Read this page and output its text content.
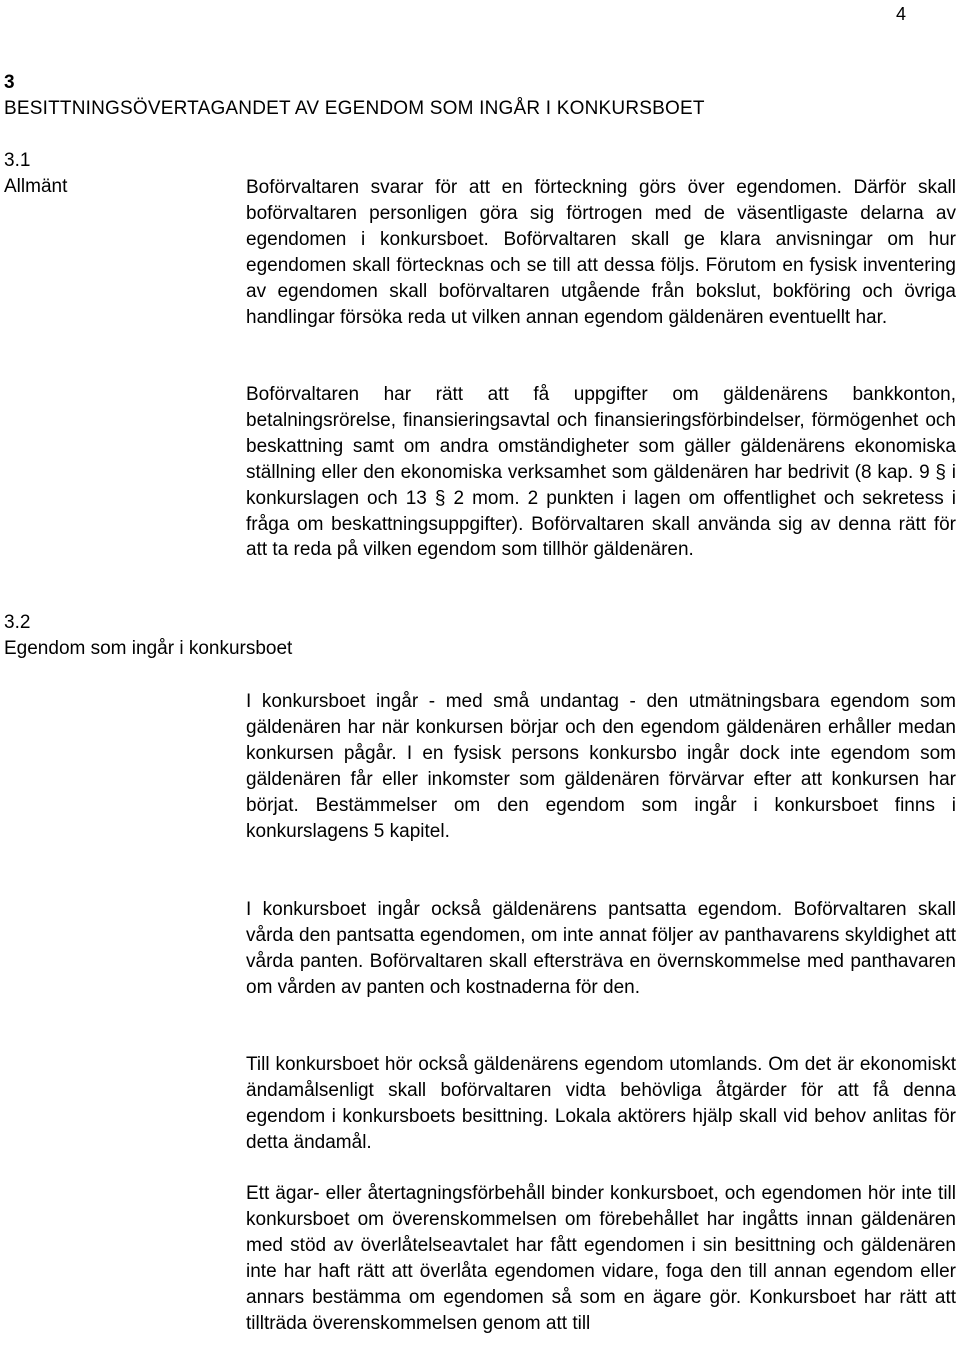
4
3
BESITTNINGSÖVERTAGANDET AV EGENDOM SOM INGÅR I KONKURSBOET
3.1
Allmänt
3.2
Egendom som ingår i konkursboet

Boförvaltaren svarar för att en förteckning görs över egendomen. Därför skall boförvaltaren personligen göra sig förtrogen med de väsentligaste delarna av egendomen i konkursboet. Boförvaltaren skall ge klara anvisningar om hur egendomen skall förtecknas och se till att dessa följs. Förutom en fysisk inventering av egendomen skall boförvaltaren utgående från bokslut, bokföring och övriga handlingar försöka reda ut vilken annan egendom gäldenären eventuellt har.

Boförvaltaren har rätt att få uppgifter om gäldenärens bankkonton, betalningsrörelse, finansieringsavtal och finansieringsförbindelser, förmögenhet och beskattning samt om andra omständigheter som gäller gäldenärens ekonomiska ställning eller den ekonomiska verksamhet som gäldenären har bedrivit (8 kap. 9 § i konkurslagen och 13 § 2 mom. 2 punkten i lagen om offentlighet och sekretess i fråga om beskattningsuppgifter). Boförvaltaren skall använda sig av denna rätt för att ta reda på vilken egendom som tillhör gäldenären.

I konkursboet ingår - med små undantag - den utmätningsbara egendom som gäldenären har när konkursen börjar och den egendom gäldenären erhåller medan konkursen pågår. I en fysisk persons konkursbo ingår dock inte egendom som gäldenären får eller inkomster som gäldenären förvärvar efter att konkursen har börjat. Bestämmelser om den egendom som ingår i konkursboet finns i konkurslagens 5 kapitel.

I konkursboet ingår också gäldenärens pantsatta egendom. Boförvaltaren skall vårda den pantsatta egendomen, om inte annat följer av panthavarens skyldighet att vårda panten. Boförvaltaren skall eftersträva en övernskommelse med panthavaren om vården av panten och kostnaderna för den.

Till konkursboet hör också gäldenärens egendom utomlands. Om det är ekonomiskt ändamålsenligt skall boförvaltaren vidta behövliga åtgärder för att få denna egendom i konkursboets besittning. Lokala aktörers hjälp skall vid behov anlitas för detta ändamål.

Ett ägar- eller återtagningsförbehåll binder konkursboet, och egendomen hör inte till konkursboet om överenskommelsen om förebehållet har ingåtts innan gäldenären med stöd av överlåtelseavtalet har fått egendomen i sin besittning och gäldenären inte har haft rätt att överlåta egendomen vidare, foga den till annan egendom eller annars bestämma om egendomen så som en ägare gör. Konkursboet har rätt att tillträda överenskommelsen genom att till
